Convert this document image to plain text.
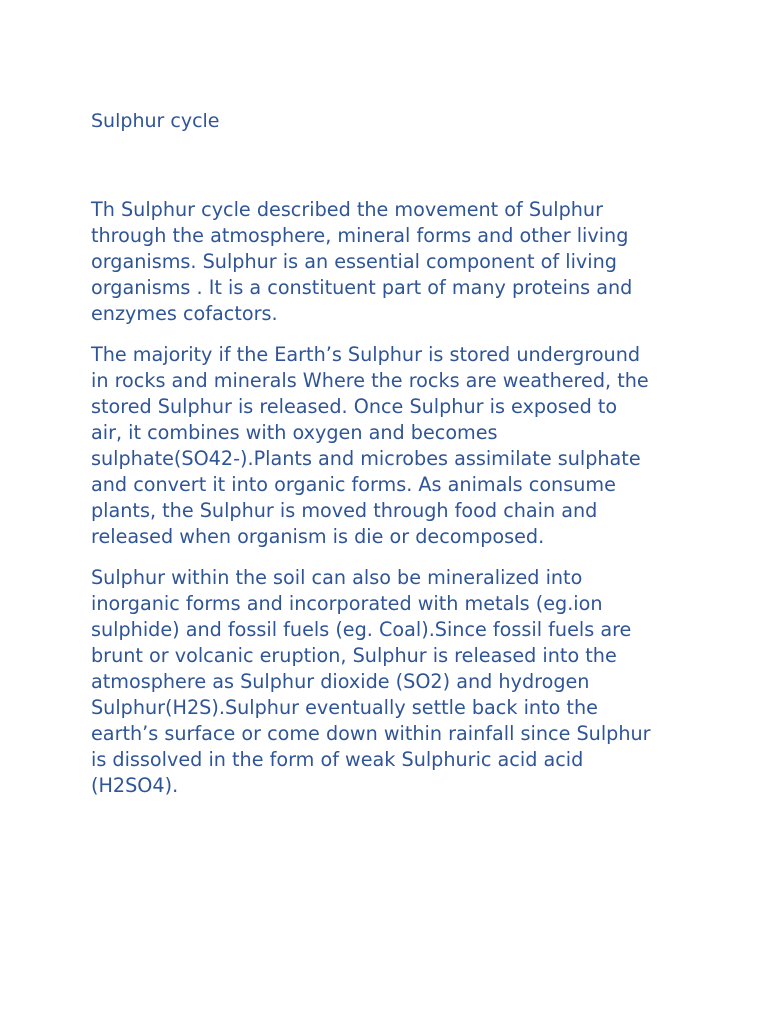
Sulphur cycle

Th Sulphur cycle described the movement of Sulphur
through the atmosphere, mineral forms and other living
organisms. Sulphur is an essential component of living
organisms . It is a constituent part of many proteins and
enzymes cofactors.

The majority if the Earth’s Sulphur is stored underground
in rocks and minerals Where the rocks are weathered, the
stored Sulphur is released. Once Sulphur is exposed to
air, it combines with oxygen and becomes
sulphate(SO42-).Plants and microbes assimilate sulphate
and convert it into organic forms. As animals consume
plants, the Sulphur is moved through food chain and
released when organism is die or decomposed.

Sulphur within the soil can also be mineralized into
inorganic forms and incorporated with metals (eg.ion
sulphide) and fossil fuels (eg. Coal).Since fossil fuels are
brunt or volcanic eruption, Sulphur is released into the
atmosphere as Sulphur dioxide (SO2) and hydrogen
Sulphur(H2S).Sulphur eventually settle back into the
earth’s surface or come down within rainfall since Sulphur
is dissolved in the form of weak Sulphuric acid acid
(H2SO4).
